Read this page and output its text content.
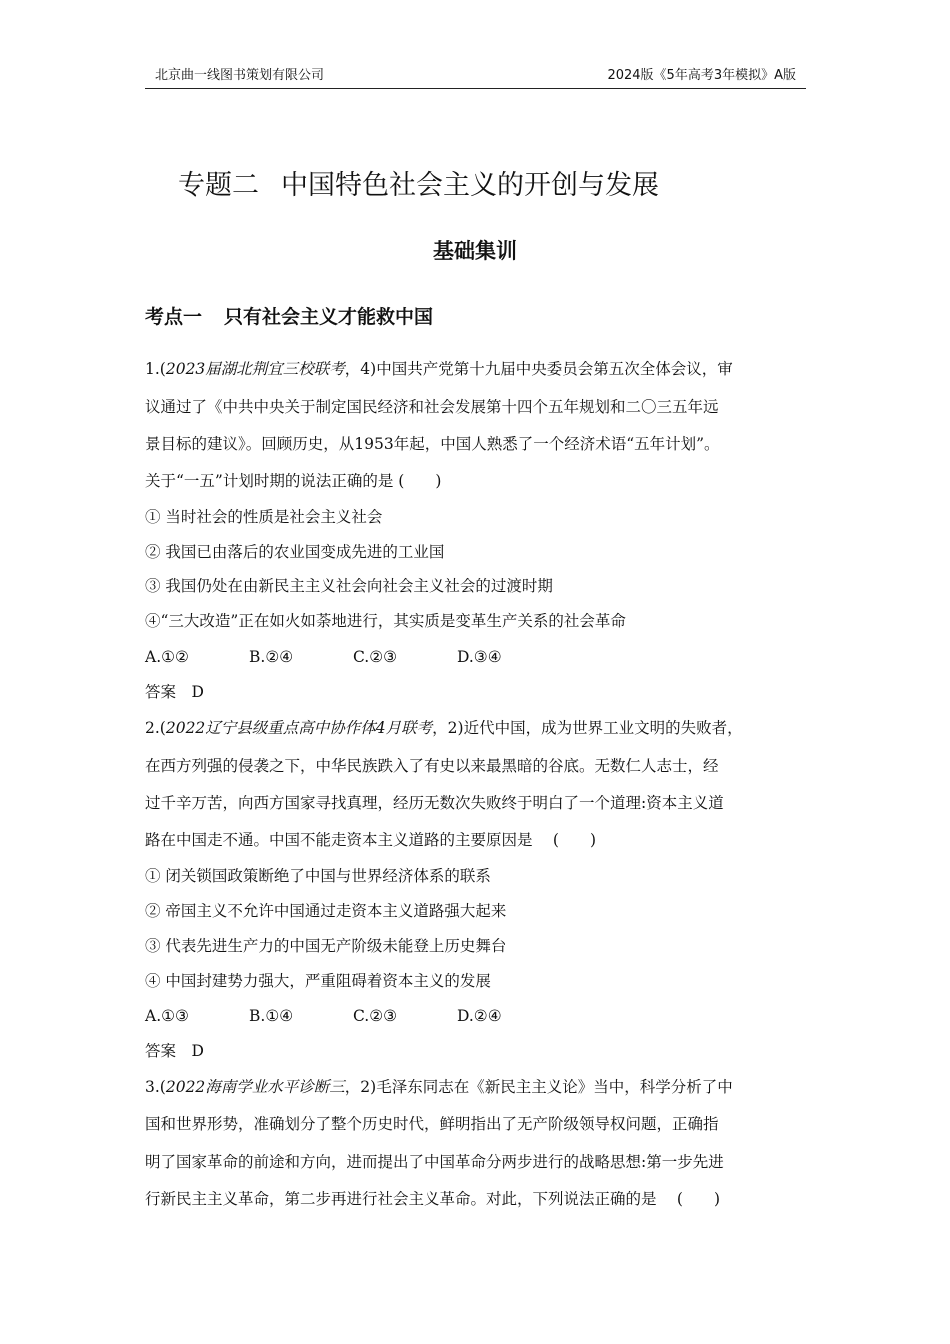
北京曲一线图书策划有限公司	2024版《5年高考3年模拟》A版
专题二 中国特色社会主义的开创与发展
基础集训
考点一 只有社会主义才能救中国
1.(2023届湖北荆宜三校联考，4)中国共产党第十九届中央委员会第五次全体会议，审
议通过了《中共中央关于制定国民经济和社会发展第十四个五年规划和二〇三五年远
景目标的建议》。回顾历史，从1953年起，中国人熟悉了一个经济术语“五年计划”。
关于“一五”计划时期的说法正确的是 (　　)
① 当时社会的性质是社会主义社会
② 我国已由落后的农业国变成先进的工业国
③ 我国仍处在由新民主主义社会向社会主义社会的过渡时期
④“三大改造”正在如火如荼地进行，其实质是变革生产关系的社会革命
A.①②	B.②④	C.②③	D.③④
答案　D
2.(2022辽宁县级重点高中协作体4月联考，2)近代中国，成为世界工业文明的失败者，
在西方列强的侵袭之下，中华民族跌入了有史以来最黑暗的谷底。无数仁人志士，经
过千辛万苦，向西方国家寻找真理，经历无数次失败终于明白了一个道理:资本主义道
路在中国走不通。中国不能走资本主义道路的主要原因是　 (　　)
① 闭关锁国政策断绝了中国与世界经济体系的联系
② 帝国主义不允许中国通过走资本主义道路强大起来
③ 代表先进生产力的中国无产阶级未能登上历史舞台
④ 中国封建势力强大，严重阻碍着资本主义的发展
A.①③	B.①④	C.②③	D.②④
答案　D
3.(2022海南学业水平诊断三，2)毛泽东同志在《新民主主义论》当中，科学分析了中
国和世界形势，准确划分了整个历史时代，鲜明指出了无产阶级领导权问题，正确指
明了国家革命的前途和方向，进而提出了中国革命分两步进行的战略思想:第一步先进
行新民主主义革命，第二步再进行社会主义革命。对此，下列说法正确的是　 (　　)
